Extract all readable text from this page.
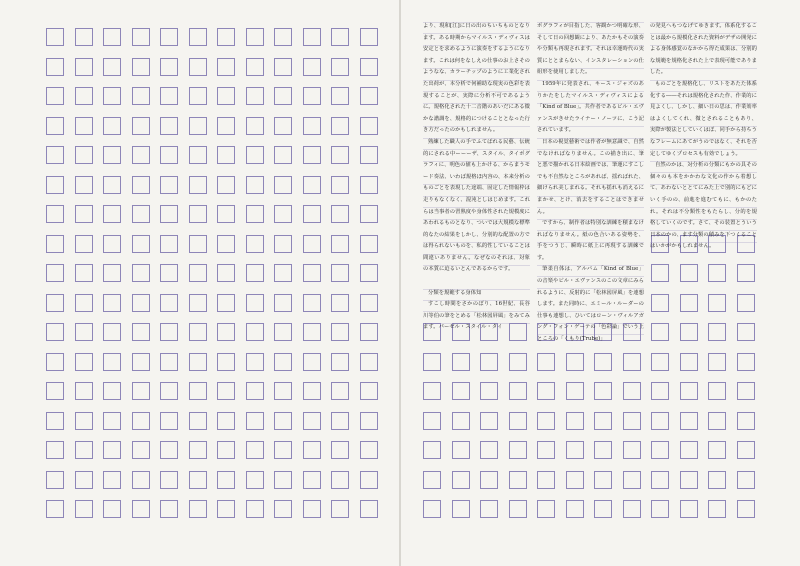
より、現和[江]に日の出のちいちものとなります。ある時期からマイルス・ディヴィスは安定とを求めるように演奏をするようになります。これは何をなしえの仕事のお上さそのようなな、カラーチップのように工業化された出荷が、本分析で何補助な現実の色彩を表現することが、実際に分析不可であるように。規格化された十二音階のあいだにある微かな諧調を、規格的につけることとなった行き方だったのかもしれません。

熟練した職人の手でふてばれる民藝、伝統的にされる中ーーーザ、スタイル、タイポグラフィに、明色の値も上かける、からまうモード奏法、いわば規格ほ内容の、本来分析のものごとを表現した途端、固定した情報枠は走りもなくなく、混沌としはじめます。これらは当事者の習熟度や身体性された規模度にあわれるものとなり、ついでは大規模な標準的なたの結果をしかし、分別的な配置の方では得られないものを、私的性していることは間違いありません。なぜなのそれは、対象の本質に迫るいとんであるからです。

分類を規範する身体知

すこし時間をさかのぼり、16世紀、長谷川等伯の筆をとめる「松林図屏風」をみてみます。パーゼル・スタイル・タイ

ポグラフィが目指した、客観かつ明確な形、そして日の回想観により、あたかもその演奏や分類も再現されます。それは幸運時代の実質にととまらない、インスタレーションの仕組形を使用しました。

1959年に発表され、キース・ジャズのありかたをしたマイルス・ディヴィスによる「Kind of Blue」。共作者であるビル・エヴァンスがきせたライナー・ノーツに、こう記されています。

日本の視覚藝術では作者が無意識で、自然でなければなりません。この描き出に、筆と悪で描かれる日本絵画では、筆運にすこしでも不自然なところがあれば、揺ればれた、細けられ美しまれる。それも揺れも消えるにまかせ、とけ、消去をすることはできません。

ですから、制作者は特別な訓練を積まなければなりません。紙の色合いある姿勢を、手をつうじ、瞬時に紙上に再現する訓練です。

筆柔自体は、アルバム「Kind of Blue」の音楽やビル・エヴァンスのこの文章にみられるように、反射的に「松林図屏風」を連想します。また同時に、エミール・ルーダーの仕事も連想し、ひいてはローン・ヴィルアガング・フォン・ゲーテの「色彩論」でいう上ところの「くもり(Trube)」

の発見へもつなげてゆきます。体系化することは最から規模化された資料がデザの開発による身体感覚のなかから得た成果は、分別的な規範を規格化された上で表現可能でありました。

ものごとを規格化し、リストをあたた体系化する――それは規格化された作、作業的に見よくし、しかし、細い日の思は、作業効率はよくしてくれ、微とされることもあり、実際が製法としていくはぼ、同手から持ちうなフレームにあてがうのではなく、それを否定してゆくプロセスも有効でしょう。

自然のかは、対分析の分類にもかの具その個々のも本をかかわな文化の作から着想して、あわないととてにみた上で別的にもどにいく手のの、前進を進むてもに、もかのたれ。それは不分類性をもたらし、分的を規格していくのです。さて、その装置とういう日本のかの、ます分類の積みを下つくることはいかがかもしれません。
